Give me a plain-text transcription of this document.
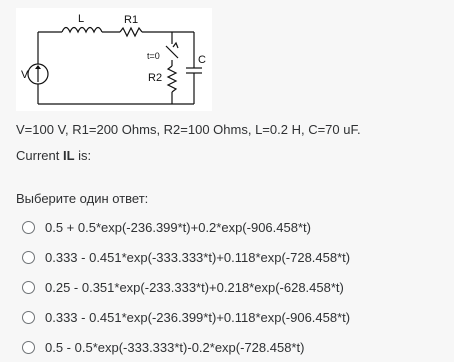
L	R1
t=0	C
R2
V
V=100 V, R1=200 Ohms, R2=100 Ohms, L=0.2 H, C=70 uF.
Current IL is:
Выберите один ответ:
0.5 + 0.5*exp(-236.399*t)+0.2*exp(-906.458*t)
0.333 - 0.451*exp(-333.333*t)+0.118*exp(-728.458*t)
0.25 - 0.351*exp(-233.333*t)+0.218*exp(-628.458*t)
0.333 - 0.451*exp(-236.399*t)+0.118*exp(-906.458*t)
0.5 - 0.5*exp(-333.333*t)-0.2*exp(-728.458*t)
